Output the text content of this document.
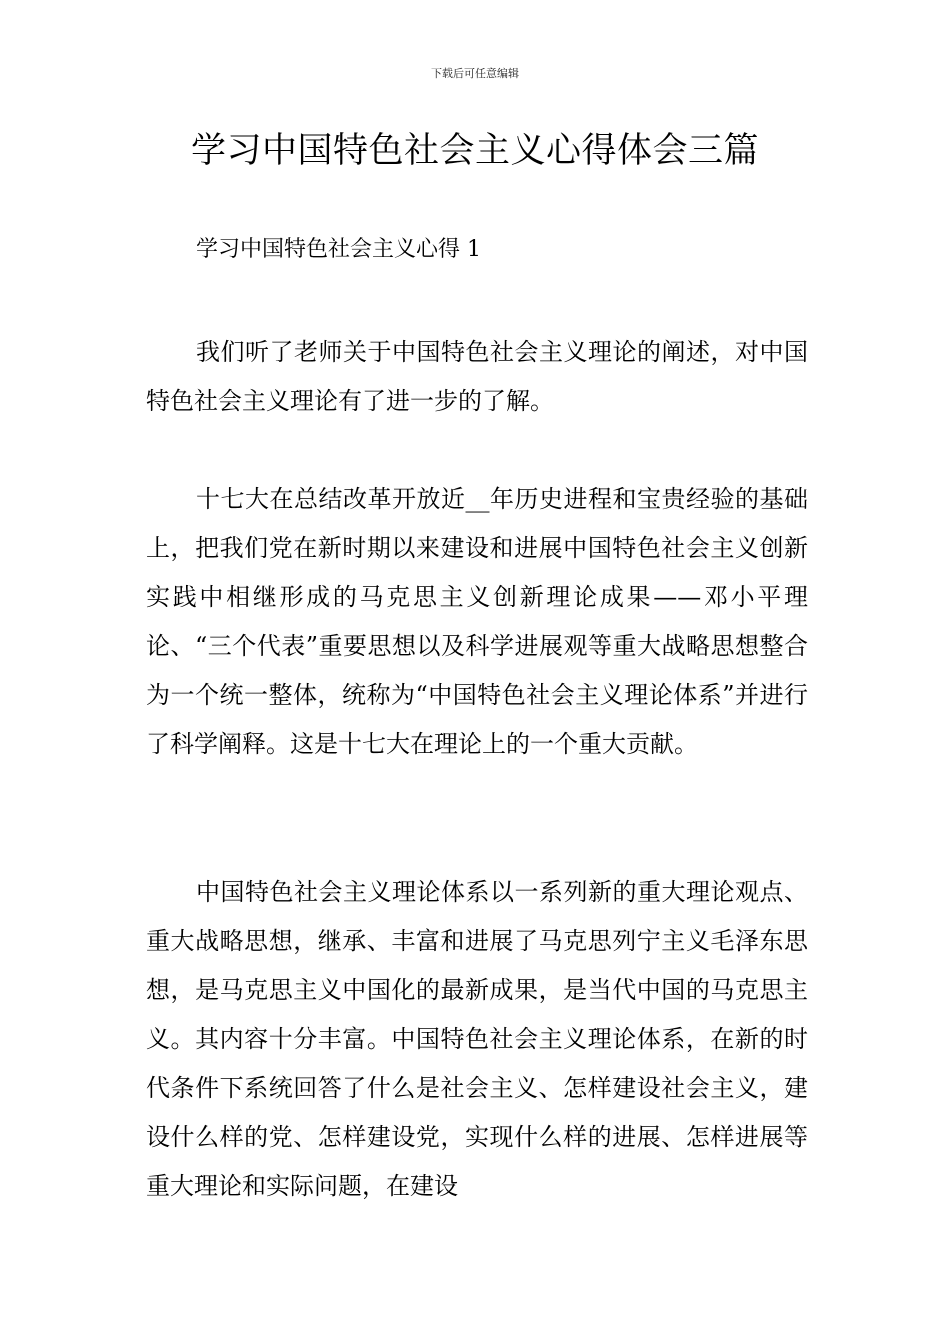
下载后可任意编辑
学习中国特色社会主义心得体会三篇
学习中国特色社会主义心得 1

我们听了老师关于中国特色社会主义理论的阐述，对中国特色社会主义理论有了进一步的了解。

十七大在总结改革开放近__年历史进程和宝贵经验的基础上，把我们党在新时期以来建设和进展中国特色社会主义创新实践中相继形成的马克思主义创新理论成果——邓小平理论、“三个代表”重要思想以及科学进展观等重大战略思想整合为一个统一整体，统称为“中国特色社会主义理论体系”并进行了科学阐释。这是十七大在理论上的一个重大贡献。

中国特色社会主义理论体系以一系列新的重大理论观点、重大战略思想，继承、丰富和进展了马克思列宁主义毛泽东思想，是马克思主义中国化的最新成果，是当代中国的马克思主义。其内容十分丰富。中国特色社会主义理论体系，在新的时代条件下系统回答了什么是社会主义、怎样建设社会主义，建设什么样的党、怎样建设党，实现什么样的进展、怎样进展等重大理论和实际问题，在建设
